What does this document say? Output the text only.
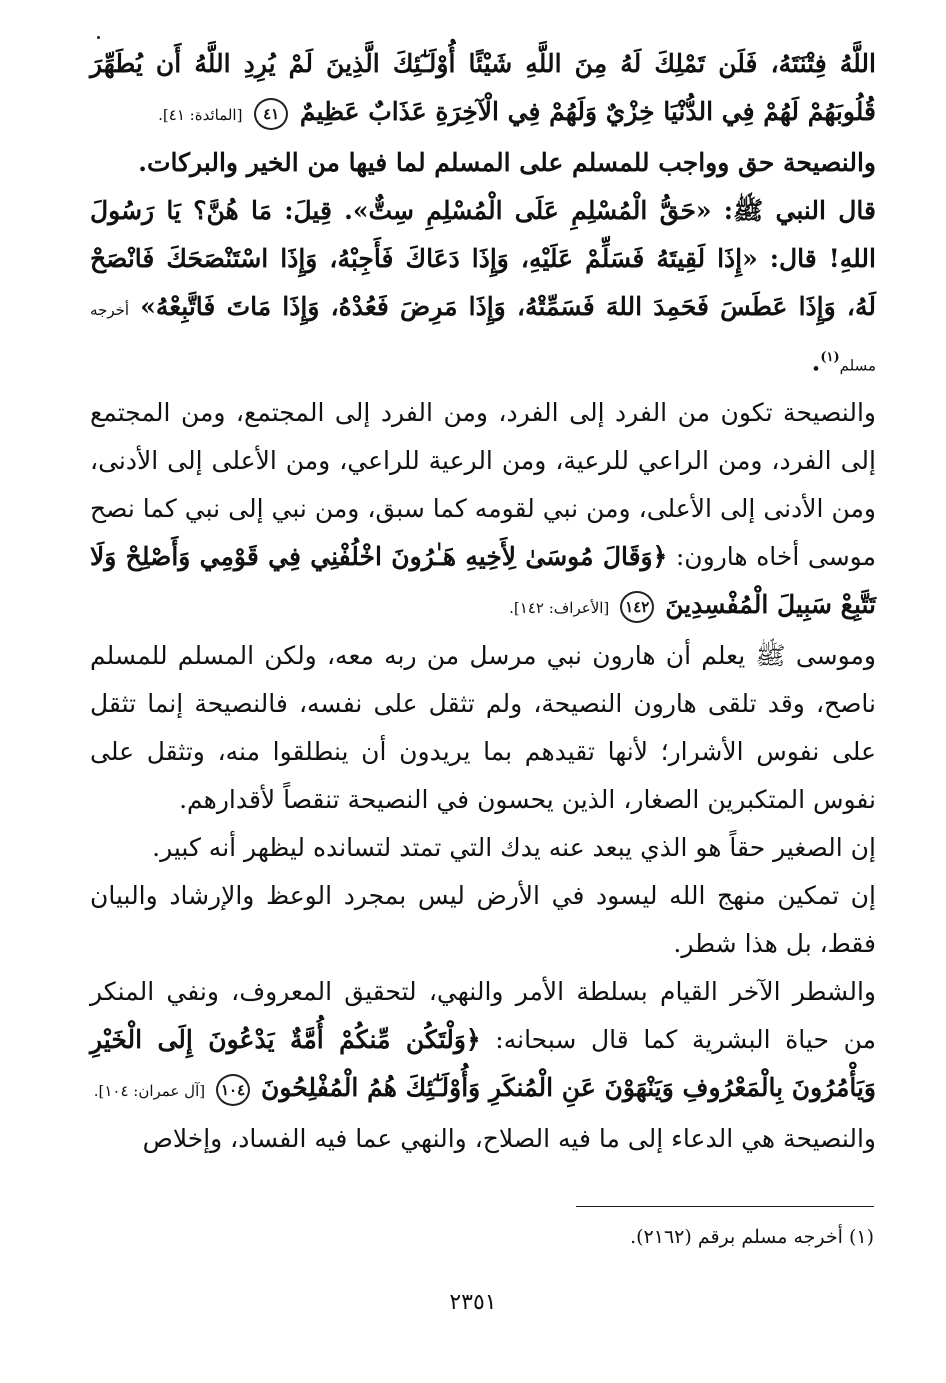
اللَّهُ فِتْنَتَهُ، فَلَن تَمْلِكَ لَهُ مِنَ اللَّهِ شَيْئًا أُوْلَـٰٓئِكَ الَّذِينَ لَمْ يُرِدِ اللَّهُ أَن يُطَهِّرَ قُلُوبَهُمْ لَهُمْ فِي الدُّنْيَا خِزْيٌ وَلَهُمْ فِي الْآخِرَةِ عَذَابٌ عَظِيمٌ ٤١ [المائدة: ٤١].

والنصيحة حق وواجب للمسلم على المسلم لما فيها من الخير والبركات.

قال النبي ﷺ: «حَقُّ الْمُسْلِمِ عَلَى الْمُسْلِمِ سِتٌّ». قِيلَ: مَا هُنَّ؟ يَا رَسُولَ اللهِ! قال: «إِذَا لَقِيتَهُ فَسَلِّمْ عَلَيْهِ، وَإِذَا دَعَاكَ فَأَجِبْهُ، وَإِذَا اسْتَنْصَحَكَ فَانْصَحْ لَهُ، وَإِذَا عَطَسَ فَحَمِدَ اللهَ فَسَمِّتْهُ، وَإِذَا مَرِضَ فَعُدْهُ، وَإِذَا مَاتَ فَاتَّبِعْهُ» أخرجه مسلم$^{(١)}$.

والنصيحة تكون من الفرد إلى الفرد، ومن الفرد إلى المجتمع، ومن المجتمع إلى الفرد، ومن الراعي للرعية، ومن الرعية للراعي، ومن الأعلى إلى الأدنى، ومن الأدنى إلى الأعلى، ومن نبي لقومه كما سبق، ومن نبي إلى نبي كما نصح موسى أخاه هارون: ﴿وَقَالَ مُوسَىٰ لِأَخِيهِ هَـٰرُونَ اخْلُفْنِي فِي قَوْمِي وَأَصْلِحْ وَلَا تَتَّبِعْ سَبِيلَ الْمُفْسِدِينَ ١٤٢ [الأعراف: ١٤٢].

وموسى ﷺ يعلم أن هارون نبي مرسل من ربه معه، ولكن المسلم للمسلم ناصح، وقد تلقى هارون النصيحة، ولم تثقل على نفسه، فالنصيحة إنما تثقل على نفوس الأشرار؛ لأنها تقيدهم بما يريدون أن ينطلقوا منه، وتثقل على نفوس المتكبرين الصغار، الذين يحسون في النصيحة تنقصاً لأقدارهم.

إن الصغير حقاً هو الذي يبعد عنه يدك التي تمتد لتسانده ليظهر أنه كبير.

إن تمكين منهج الله ليسود في الأرض ليس بمجرد الوعظ والإرشاد والبيان فقط، بل هذا شطر.

والشطر الآخر القيام بسلطة الأمر والنهي، لتحقيق المعروف، ونفي المنكر من حياة البشرية كما قال سبحانه: ﴿وَلْتَكُن مِّنكُمْ أُمَّةٌ يَدْعُونَ إِلَى الْخَيْرِ وَيَأْمُرُونَ بِالْمَعْرُوفِ وَيَنْهَوْنَ عَنِ الْمُنكَرِ وَأُوْلَـٰٓئِكَ هُمُ الْمُفْلِحُونَ ١٠٤ [آل عمران: ١٠٤].

والنصيحة هي الدعاء إلى ما فيه الصلاح، والنهي عما فيه الفساد، وإخلاص

(١) أخرجه مسلم برقم (٢١٦٢).
٢٣٥١
